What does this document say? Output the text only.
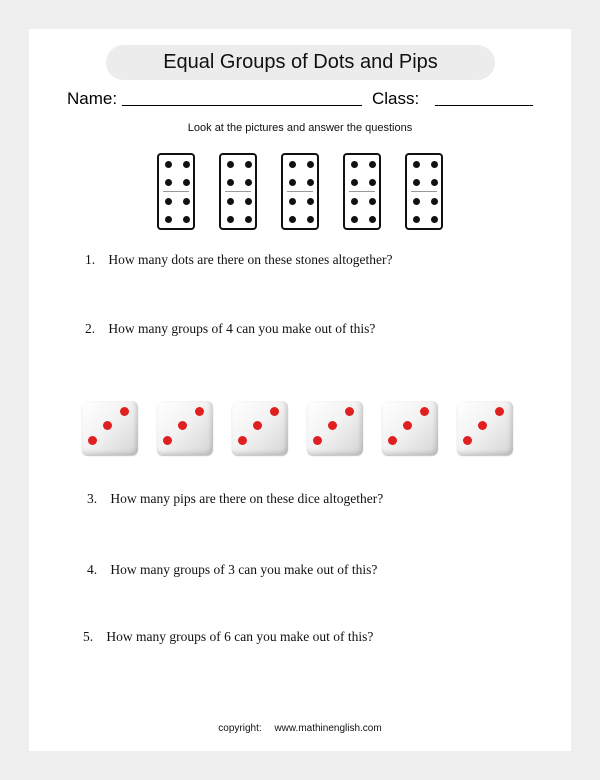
Equal Groups of Dots and Pips
Name:	Class:
Look at the pictures and answer the questions
1. How many dots are there on these stones altogether?
2. How many groups of 4 can you make out of this?
3. How many pips are there on these dice altogether?
4. How many groups of 3 can you make out of this?
5. How many groups of 6 can you make out of this?
copyright: www.mathinenglish.com
